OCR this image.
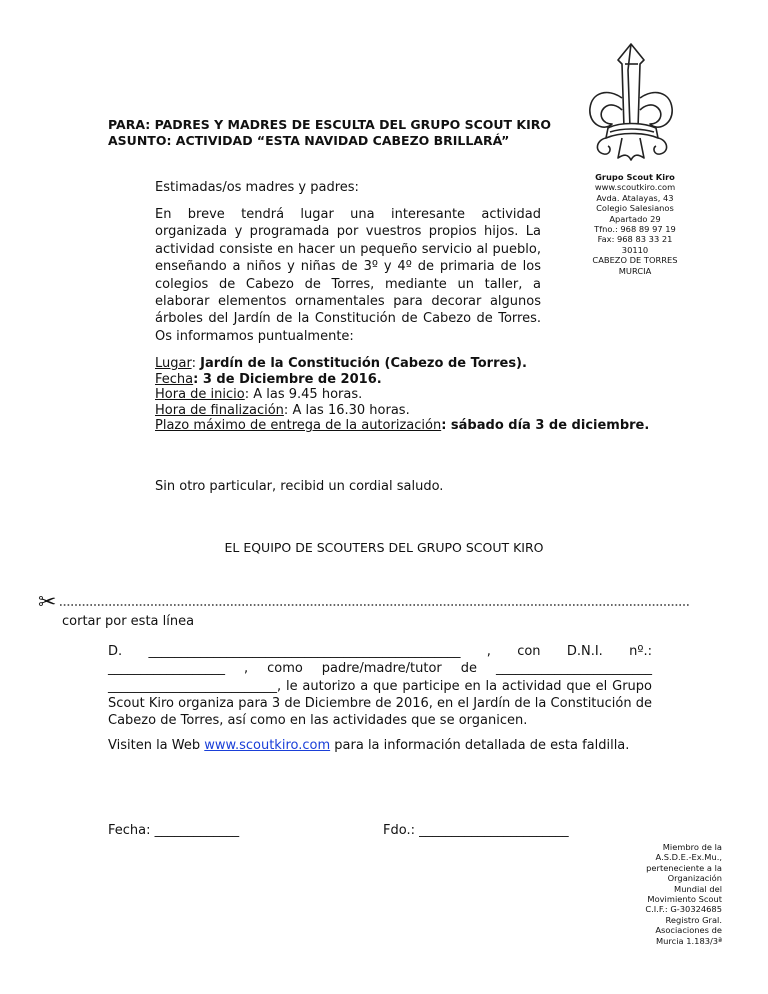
PARA: PADRES Y MADRES DE ESCULTA DEL GRUPO SCOUT KIRO
ASUNTO: ACTIVIDAD “ESTA NAVIDAD CABEZO BRILLARÁ”
Grupo Scout Kiro
www.scoutkiro.com
Avda. Atalayas, 43
Colegio Salesianos
Apartado 29
Tfno.: 968 89 97 19
Fax: 968 83 33 21
30110
CABEZO DE TORRES
MURCIA
Estimadas/os madres y padres:
En breve tendrá lugar una interesante actividad organizada y programada por vuestros propios hijos. La actividad consiste en hacer un pequeño servicio al pueblo, enseñando a niños y niñas de 3º y 4º de primaria de los colegios de Cabezo de Torres, mediante un taller, a elaborar elementos ornamentales para decorar algunos árboles del Jardín de la Constitución de Cabezo de Torres. Os informamos puntualmente:
Lugar: Jardín de la Constitución (Cabezo de Torres).
Fecha: 3 de Diciembre de 2016.
Hora de inicio: A las 9.45 horas.
Hora de finalización: A las 16.30 horas.
Plazo máximo de entrega de la autorización: sábado día 3 de diciembre.
Sin otro particular, recibid un cordial saludo.
EL EQUIPO DE SCOUTERS DEL GRUPO SCOUT KIRO
✂
cortar por esta línea
D. ________________________________________________ , con D.N.I. nº.: __________________ , como padre/madre/tutor de ________________________ __________________________, le autorizo a que participe en la actividad que el Grupo Scout Kiro organiza para 3 de Diciembre de 2016, en el Jardín de la Constitución de Cabezo de Torres, así como en las actividades que se organicen.
Visiten la Web www.scoutkiro.com para la información detallada de esta faldilla.
Fecha: _____________	Fdo.: _______________________
Miembro de la
A.S.D.E.-Ex.Mu.,
perteneciente a la
Organización
Mundial del
Movimiento Scout
C.I.F.: G-30324685
Registro Gral.
Asociaciones de
Murcia 1.183/3ª
